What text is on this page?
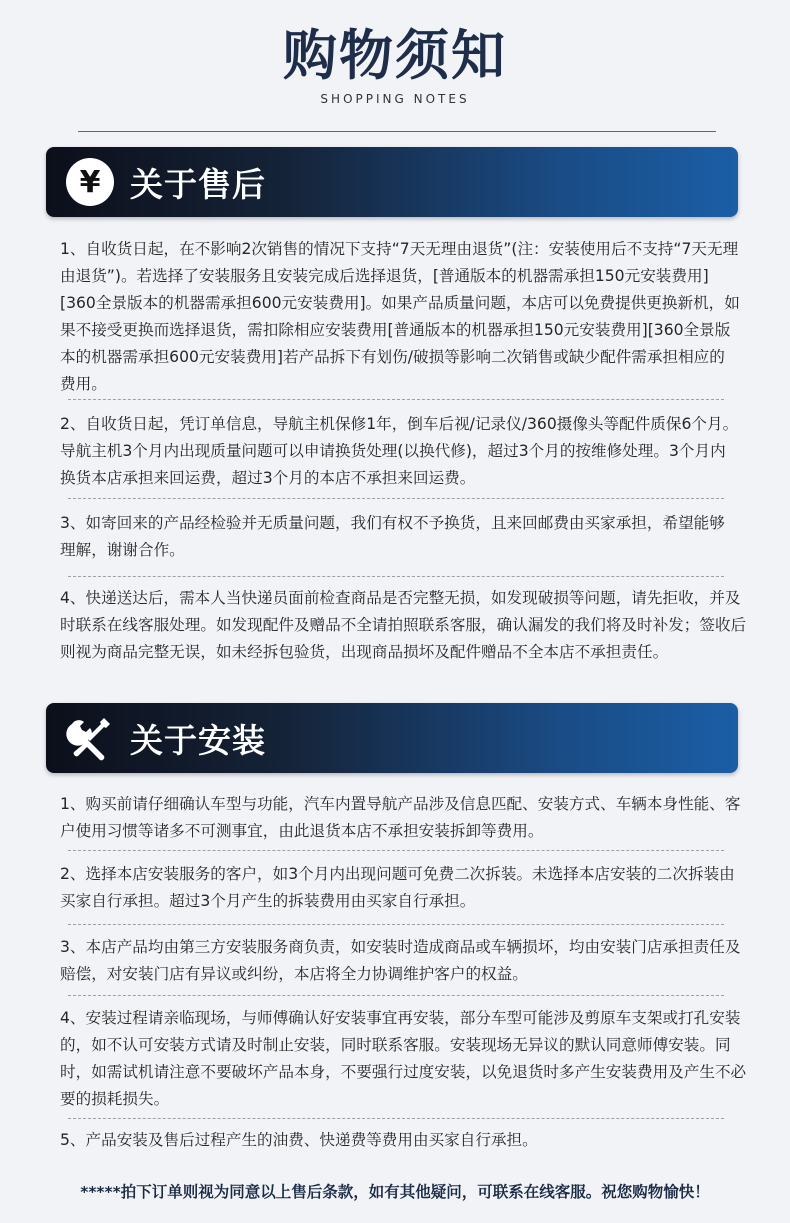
购物须知
SHOPPING NOTES
¥ 关于售后
1、自收货日起，在不影响2次销售的情况下支持“7天无理由退货”(注：安装使用后不支持“7天无理由退货”)。若选择了安装服务且安装完成后选择退货，[普通版本的机器需承担150元安装费用][360全景版本的机器需承担600元安装费用]。如果产品质量问题，本店可以免费提供更换新机，如果不接受更换而选择退货，需扣除相应安装费用[普通版本的机器承担150元安装费用][360全景版本的机器需承担600元安装费用]若产品拆下有划伤/破损等影响二次销售或缺少配件需承担相应的费用。
2、自收货日起，凭订单信息，导航主机保修1年，倒车后视/记录仪/360摄像头等配件质保6个月。导航主机3个月内出现质量问题可以申请换货处理(以换代修)，超过3个月的按维修处理。3个月内换货本店承担来回运费，超过3个月的本店不承担来回运费。
3、如寄回来的产品经检验并无质量问题，我们有权不予换货，且来回邮费由买家承担，希望能够理解，谢谢合作。
4、快递送达后，需本人当快递员面前检查商品是否完整无损，如发现破损等问题，请先拒收，并及时联系在线客服处理。如发现配件及赠品不全请拍照联系客服，确认漏发的我们将及时补发；签收后则视为商品完整无误，如未经拆包验货，出现商品损坏及配件赠品不全本店不承担责任。
关于安装
1、购买前请仔细确认车型与功能，汽车内置导航产品涉及信息匹配、安装方式、车辆本身性能、客户使用习惯等诸多不可测事宜，由此退货本店不承担安装拆卸等费用。
2、选择本店安装服务的客户，如3个月内出现问题可免费二次拆装。未选择本店安装的二次拆装由买家自行承担。超过3个月产生的拆装费用由买家自行承担。
3、本店产品均由第三方安装服务商负责，如安装时造成商品或车辆损坏，均由安装门店承担责任及赔偿，对安装门店有异议或纠纷，本店将全力协调维护客户的权益。
4、安装过程请亲临现场，与师傅确认好安装事宜再安装，部分车型可能涉及剪原车支架或打孔安装的，如不认可安装方式请及时制止安装，同时联系客服。安装现场无异议的默认同意师傅安装。同时，如需试机请注意不要破坏产品本身，不要强行过度安装，以免退货时多产生安装费用及产生不必要的损耗损失。
5、产品安装及售后过程产生的油费、快递费等费用由买家自行承担。
*****拍下订单则视为同意以上售后条款，如有其他疑问，可联系在线客服。祝您购物愉快！
